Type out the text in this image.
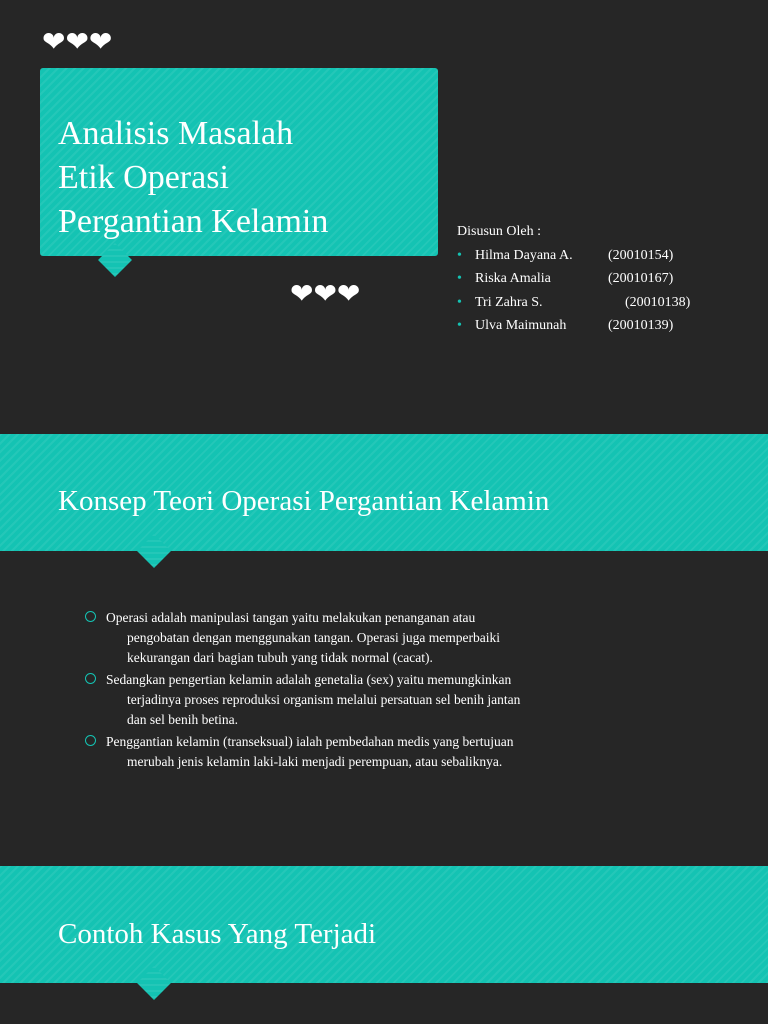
❤❤❤
Analisis Masalah
Etik Operasi
Pergantian Kelamin
❤❤❤
Disusun Oleh :
• Hilma Dayana A.	(20010154)
• Riska Amalia	(20010167)
• Tri Zahra S.	(20010138)
• Ulva Maimunah	(20010139)
Konsep Teori Operasi Pergantian Kelamin
Operasi adalah manipulasi tangan yaitu melakukan penanganan atau
pengobatan dengan menggunakan tangan. Operasi juga memperbaiki
kekurangan dari bagian tubuh yang tidak normal (cacat).
Sedangkan pengertian kelamin adalah genetalia (sex) yaitu memungkinkan
terjadinya proses reproduksi organism melalui persatuan sel benih jantan
dan sel benih betina.
Penggantian kelamin (transeksual) ialah pembedahan medis yang bertujuan
merubah jenis kelamin laki-laki menjadi perempuan, atau sebaliknya.
Contoh Kasus Yang Terjadi
